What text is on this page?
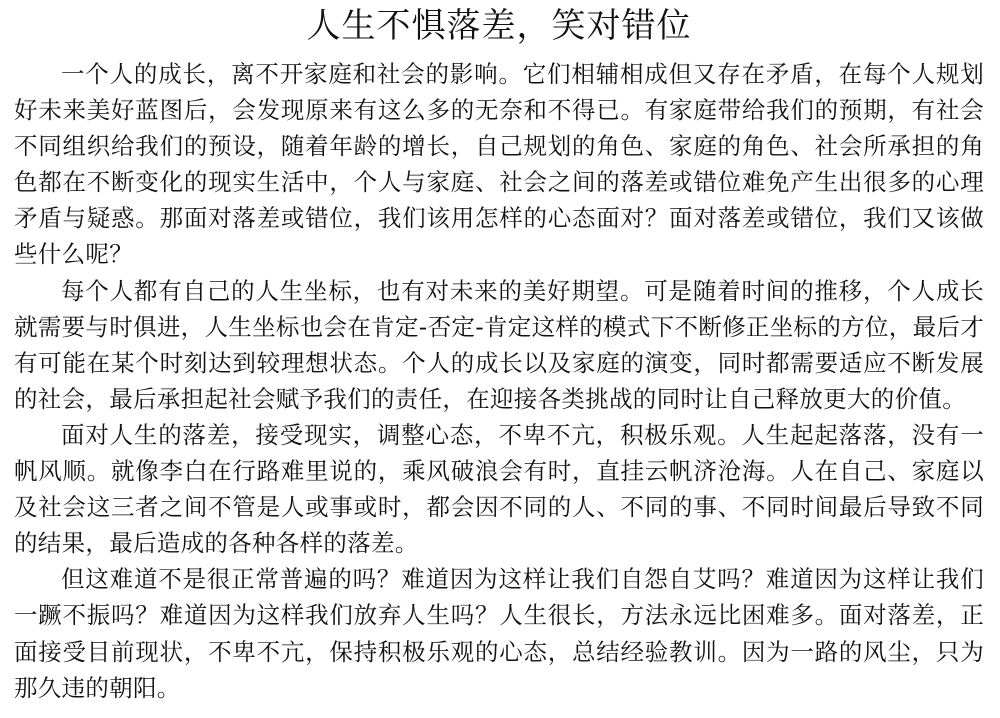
人生不惧落差，笑对错位

一个人的成长，离不开家庭和社会的影响。它们相辅相成但又存在矛盾，在每个人规划好未来美好蓝图后，会发现原来有这么多的无奈和不得已。有家庭带给我们的预期，有社会不同组织给我们的预设，随着年龄的增长，自己规划的角色、家庭的角色、社会所承担的角色都在不断变化的现实生活中，个人与家庭、社会之间的落差或错位难免产生出很多的心理矛盾与疑惑。那面对落差或错位，我们该用怎样的心态面对？面对落差或错位，我们又该做些什么呢？

每个人都有自己的人生坐标，也有对未来的美好期望。可是随着时间的推移，个人成长就需要与时俱进，人生坐标也会在肯定-否定-肯定这样的模式下不断修正坐标的方位，最后才有可能在某个时刻达到较理想状态。个人的成长以及家庭的演变，同时都需要适应不断发展的社会，最后承担起社会赋予我们的责任，在迎接各类挑战的同时让自己释放更大的价值。

面对人生的落差，接受现实，调整心态，不卑不亢，积极乐观。人生起起落落，没有一帆风顺。就像李白在行路难里说的，乘风破浪会有时，直挂云帆济沧海。人在自己、家庭以及社会这三者之间不管是人或事或时，都会因不同的人、不同的事、不同时间最后导致不同的结果，最后造成的各种各样的落差。

但这难道不是很正常普遍的吗？难道因为这样让我们自怨自艾吗？难道因为这样让我们一蹶不振吗？难道因为这样我们放弃人生吗？人生很长，方法永远比困难多。面对落差，正面接受目前现状，不卑不亢，保持积极乐观的心态，总结经验教训。因为一路的风尘，只为那久违的朝阳。
